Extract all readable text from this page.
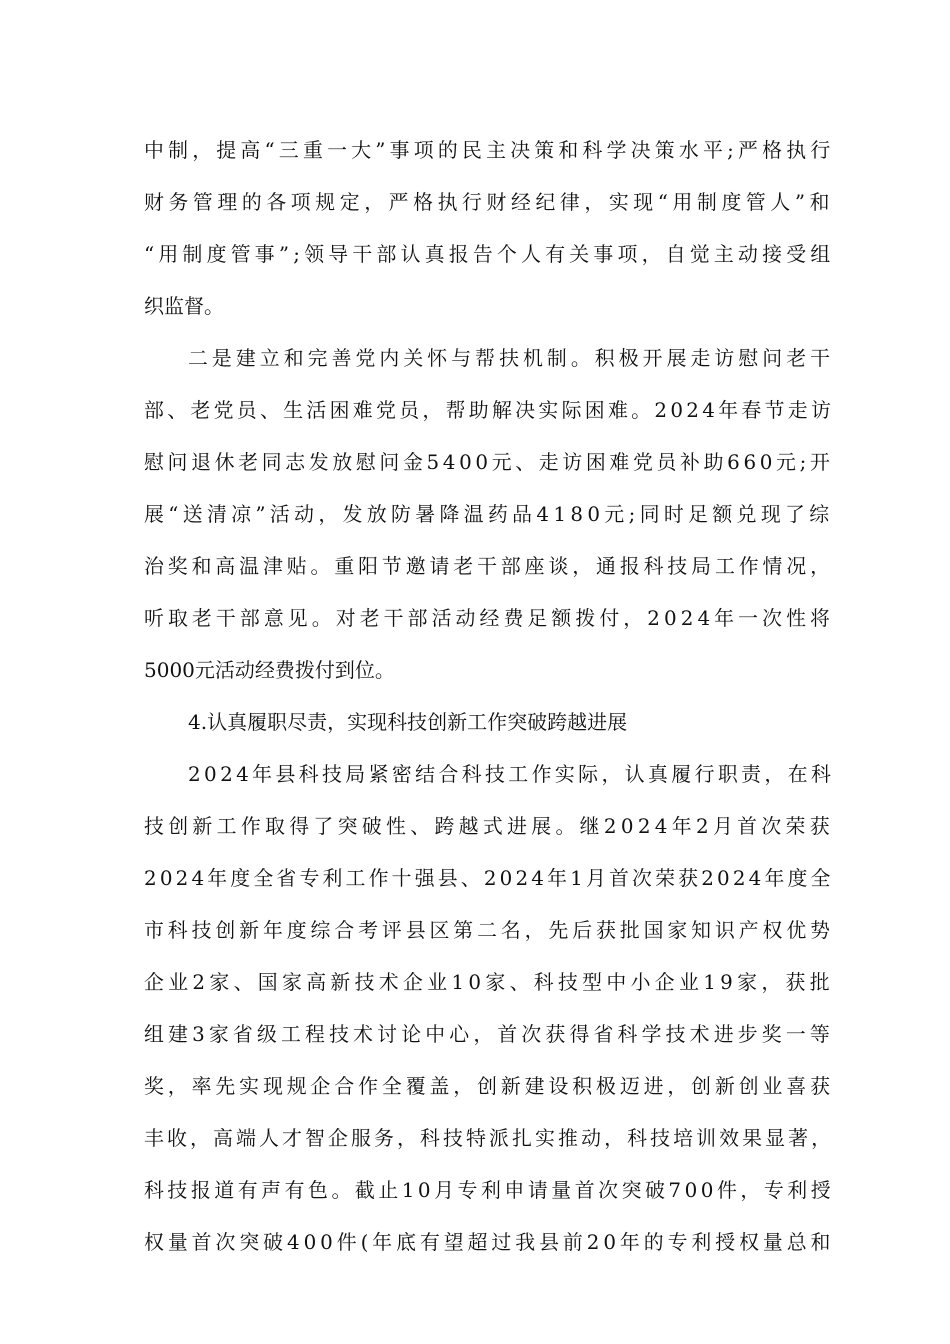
中制，提高“三重一大”事项的民主决策和科学决策水平;严格执行
财务管理的各项规定，严格执行财经纪律，实现“用制度管人”和
“用制度管事”;领导干部认真报告个人有关事项，自觉主动接受组
织监督。
二是建立和完善党内关怀与帮扶机制。积极开展走访慰问老干
部、老党员、生活困难党员，帮助解决实际困难。2024年春节走访
慰问退休老同志发放慰问金5400元、走访困难党员补助660元;开
展“送清凉”活动，发放防暑降温药品4180元;同时足额兑现了综
治奖和高温津贴。重阳节邀请老干部座谈，通报科技局工作情况，
听取老干部意见。对老干部活动经费足额拨付，2024年一次性将
5000元活动经费拨付到位。
4.认真履职尽责，实现科技创新工作突破跨越进展
2024年县科技局紧密结合科技工作实际，认真履行职责，在科
技创新工作取得了突破性、跨越式进展。继2024年2月首次荣获
2024年度全省专利工作十强县、2024年1月首次荣获2024年度全
市科技创新年度综合考评县区第二名，先后获批国家知识产权优势
企业2家、国家高新技术企业10家、科技型中小企业19家，获批
组建3家省级工程技术讨论中心，首次获得省科学技术进步奖一等
奖，率先实现规企合作全覆盖，创新建设积极迈进，创新创业喜获
丰收，高端人才智企服务，科技特派扎实推动，科技培训效果显著，
科技报道有声有色。截止10月专利申请量首次突破700件，专利授
权量首次突破400件(年底有望超过我县前20年的专利授权量总和
